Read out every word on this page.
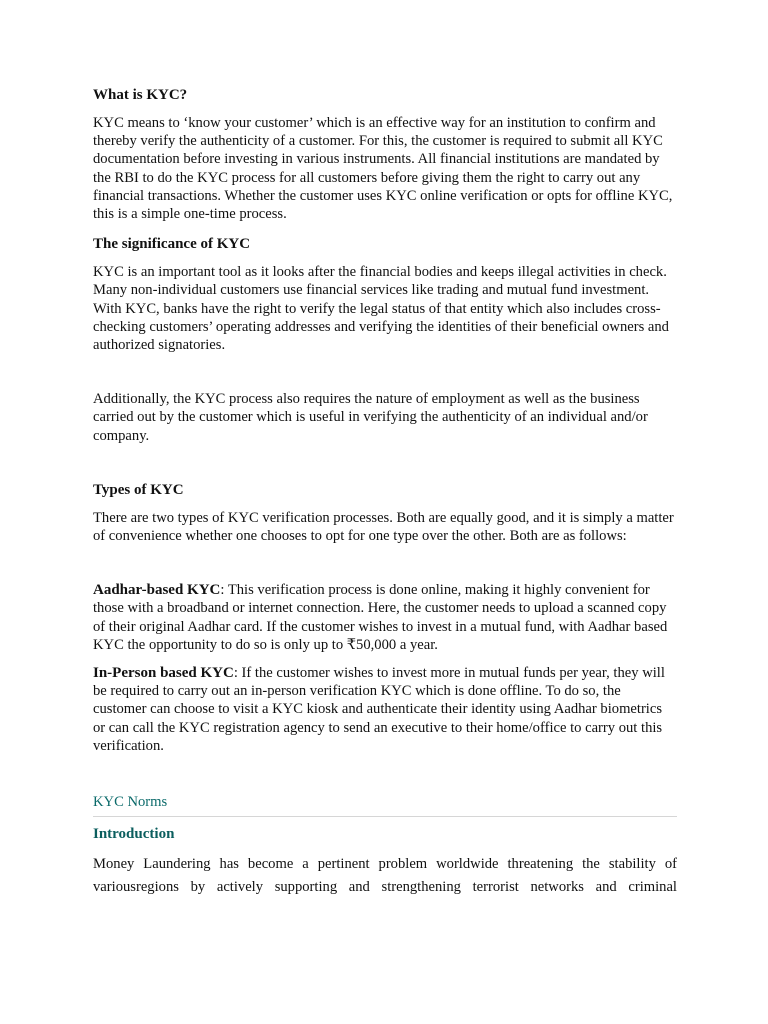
What is KYC?

KYC means to ‘know your customer’ which is an effective way for an institution to confirm and thereby verify the authenticity of a customer. For this, the customer is required to submit all KYC documentation before investing in various instruments. All financial institutions are mandated by the RBI to do the KYC process for all customers before giving them the right to carry out any financial transactions. Whether the customer uses KYC online verification or opts for offline KYC, this is a simple one-time process.

The significance of KYC

KYC is an important tool as it looks after the financial bodies and keeps illegal activities in check. Many non-individual customers use financial services like trading and mutual fund investment. With KYC, banks have the right to verify the legal status of that entity which also includes cross-checking customers’ operating addresses and verifying the identities of their beneficial owners and authorized signatories.

Additionally, the KYC process also requires the nature of employment as well as the business carried out by the customer which is useful in verifying the authenticity of an individual and/or company.

Types of KYC

There are two types of KYC verification processes. Both are equally good, and it is simply a matter of convenience whether one chooses to opt for one type over the other. Both are as follows:

Aadhar-based KYC: This verification process is done online, making it highly convenient for those with a broadband or internet connection. Here, the customer needs to upload a scanned copy of their original Aadhar card. If the customer wishes to invest in a mutual fund, with Aadhar based KYC the opportunity to do so is only up to ₹50,000 a year.

In-Person based KYC: If the customer wishes to invest more in mutual funds per year, they will be required to carry out an in-person verification KYC which is done offline. To do so, the customer can choose to visit a KYC kiosk and authenticate their identity using Aadhar biometrics or can call the KYC registration agency to send an executive to their home/office to carry out this verification.

KYC Norms
Introduction

Money Laundering has become a pertinent problem worldwide threatening the stability of
variousregions by actively supporting and strengthening terrorist networks and criminal
